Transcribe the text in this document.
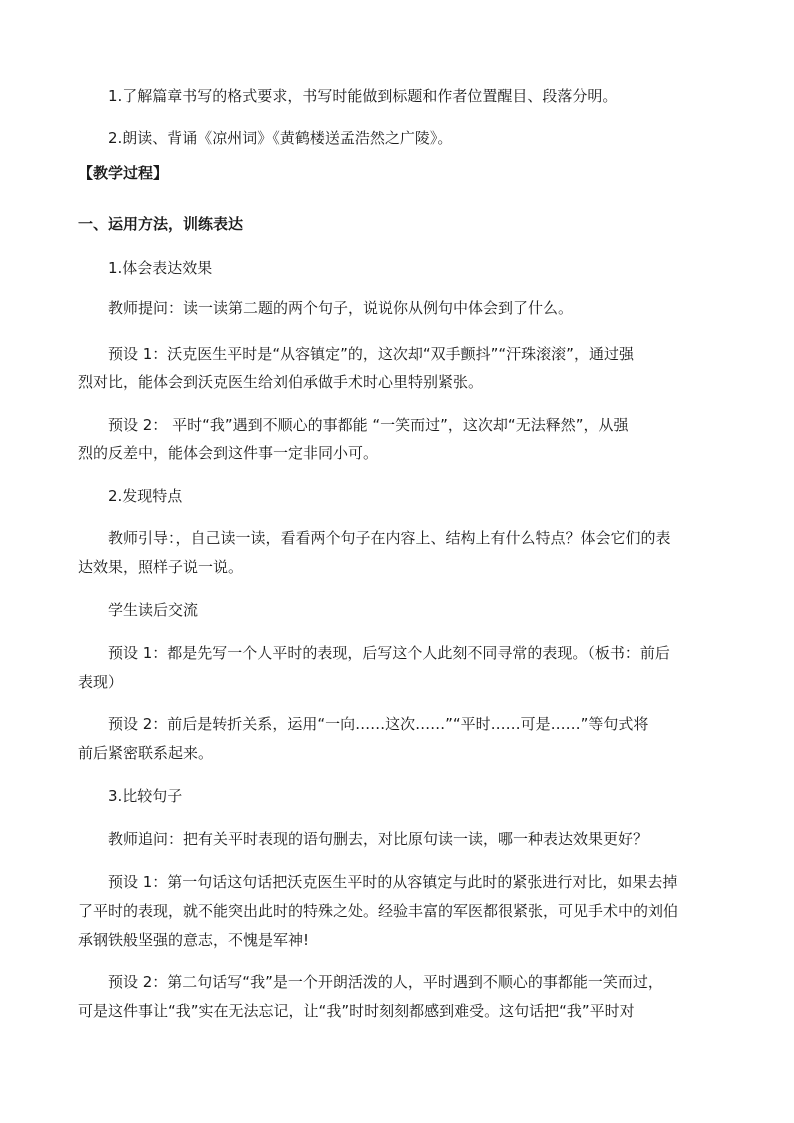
1.了解篇章书写的格式要求，书写时能做到标题和作者位置醒目、段落分明。
2.朗读、背诵《凉州词》《黄鹤楼送孟浩然之广陵》。
【教学过程】
一、运用方法，训练表达
1.体会表达效果
教师提问：读一读第二题的两个句子，说说你从例句中体会到了什么。
预设 1：沃克医生平时是“从容镇定”的，这次却“双手颤抖”“汗珠滚滚”，通过强
烈对比，能体会到沃克医生给刘伯承做手术时心里特别紧张。
预设 2： 平时“我”遇到不顺心的事都能 “一笑而过”，这次却“无法释然”，从强
烈的反差中，能体会到这件事一定非同小可。
2.发现特点
教师引导：，自己读一读，看看两个句子在内容上、结构上有什么特点？体会它们的表
达效果，照样子说一说。
学生读后交流
预设 1：都是先写一个人平时的表现，后写这个人此刻不同寻常的表现。（板书：前后
表现）
预设 2：前后是转折关系，运用“一向……这次……”“平时……可是……”等句式将
前后紧密联系起来。
3.比较句子
教师追问：把有关平时表现的语句删去，对比原句读一读，哪一种表达效果更好？
预设 1：第一句话这句话把沃克医生平时的从容镇定与此时的紧张进行对比，如果去掉
了平时的表现，就不能突出此时的特殊之处。经验丰富的军医都很紧张，可见手术中的刘伯
承钢铁般坚强的意志，不愧是军神!
预设 2：第二句话写“我”是一个开朗活泼的人，平时遇到不顺心的事都能一笑而过，
可是这件事让“我”实在无法忘记，让“我”时时刻刻都感到难受。这句话把“我”平时对
